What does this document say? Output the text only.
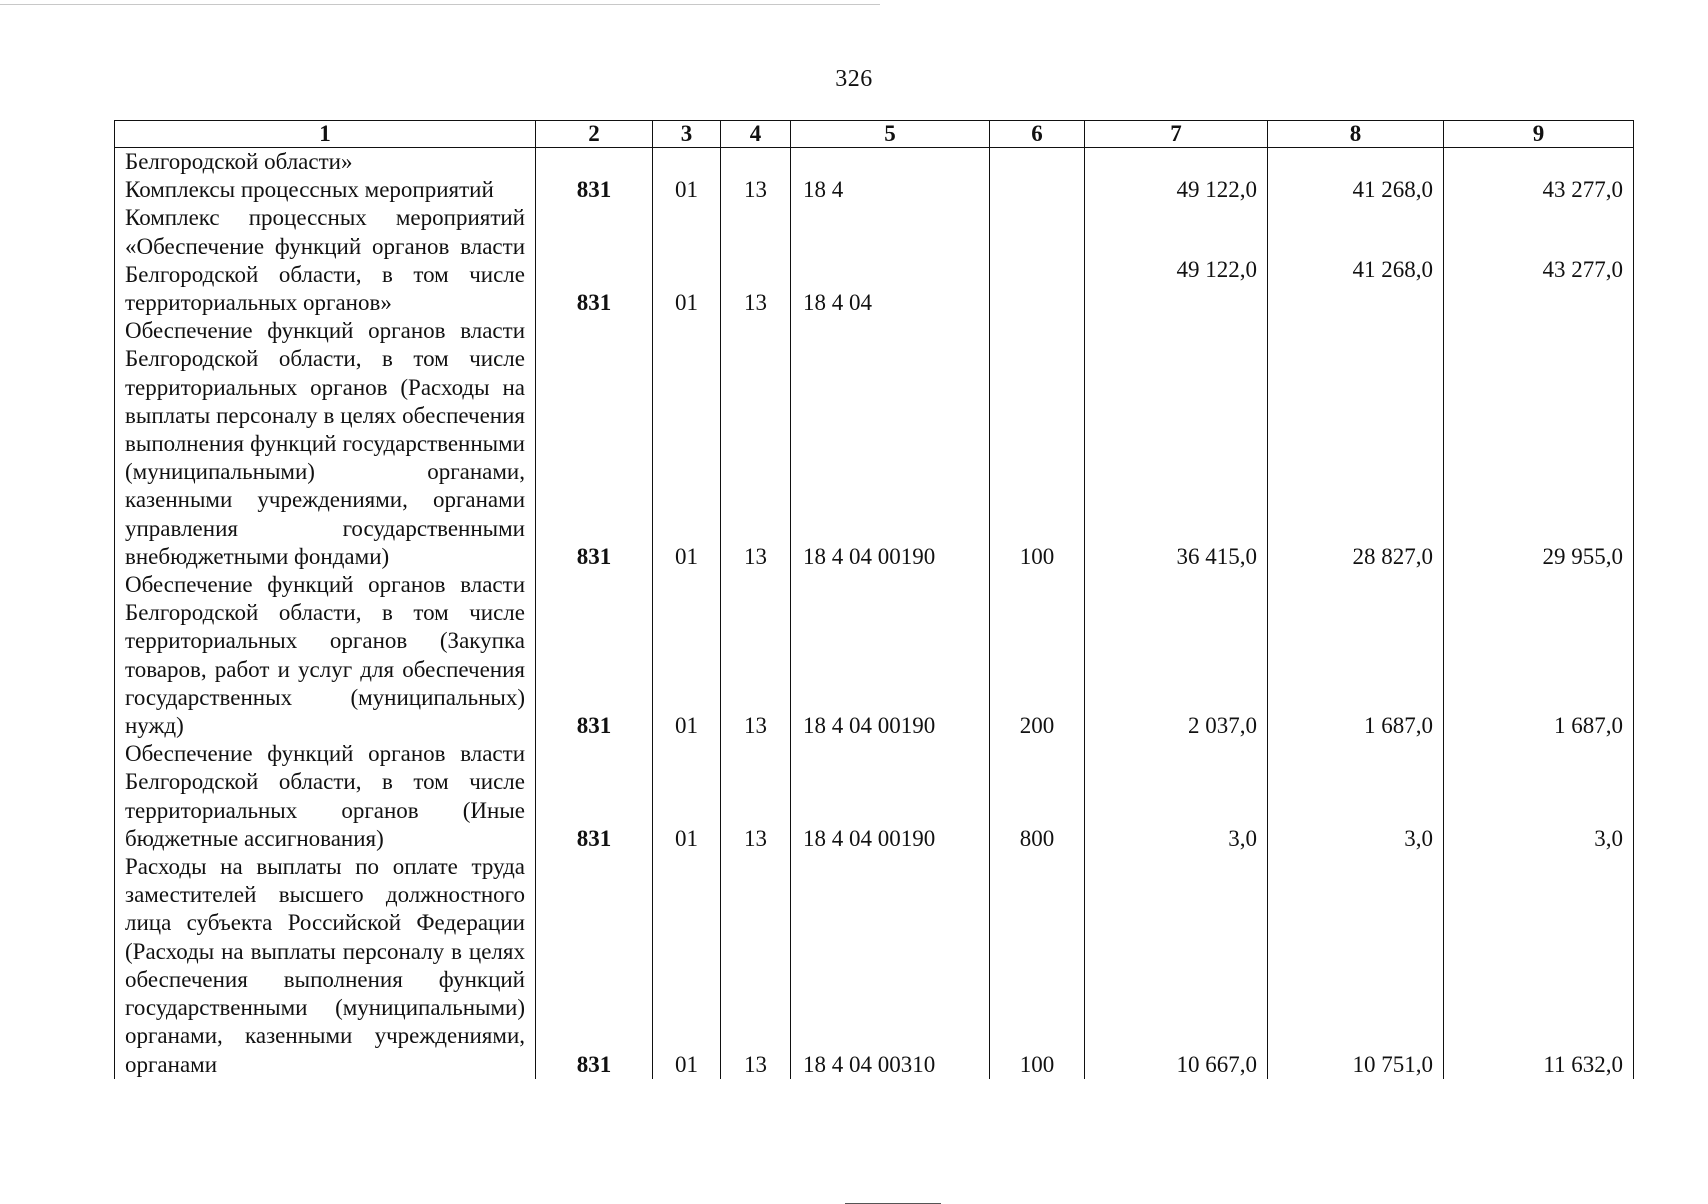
326
1	2	3	4	5	6	7	8	9
Белгородской области»								
Комплексы процессных мероприятий	831	01	13	18 4		49 122,0	41 268,0	43 277,0
Комплекс процессных мероприятий «Обеспечение функций органов власти Белгородской области, в том числе территориальных органов»	831	01	13	18 4 04		49 122,0	41 268,0	43 277,0
Обеспечение функций органов власти Белгородской области, в том числе территориальных органов (Расходы на выплаты персоналу в целях обеспечения выполнения функций государственными (муниципальными) органами, казенными учреждениями, органами управления государственными внебюджетными фондами)	831	01	13	18 4 04 00190	100	36 415,0	28 827,0	29 955,0
Обеспечение функций органов власти Белгородской области, в том числе территориальных органов (Закупка товаров, работ и услуг для обеспечения государственных (муниципальных) нужд)	831	01	13	18 4 04 00190	200	2 037,0	1 687,0	1 687,0
Обеспечение функций органов власти Белгородской области, в том числе территориальных органов (Иные бюджетные ассигнования)	831	01	13	18 4 04 00190	800	3,0	3,0	3,0
Расходы на выплаты по оплате труда заместителей высшего должностного лица субъекта Российской Федерации (Расходы на выплаты персоналу в целях обеспечения выполнения функций государственными (муниципальными) органами, казенными учреждениями, органами	831	01	13	18 4 04 00310	100	10 667,0	10 751,0	11 632,0
